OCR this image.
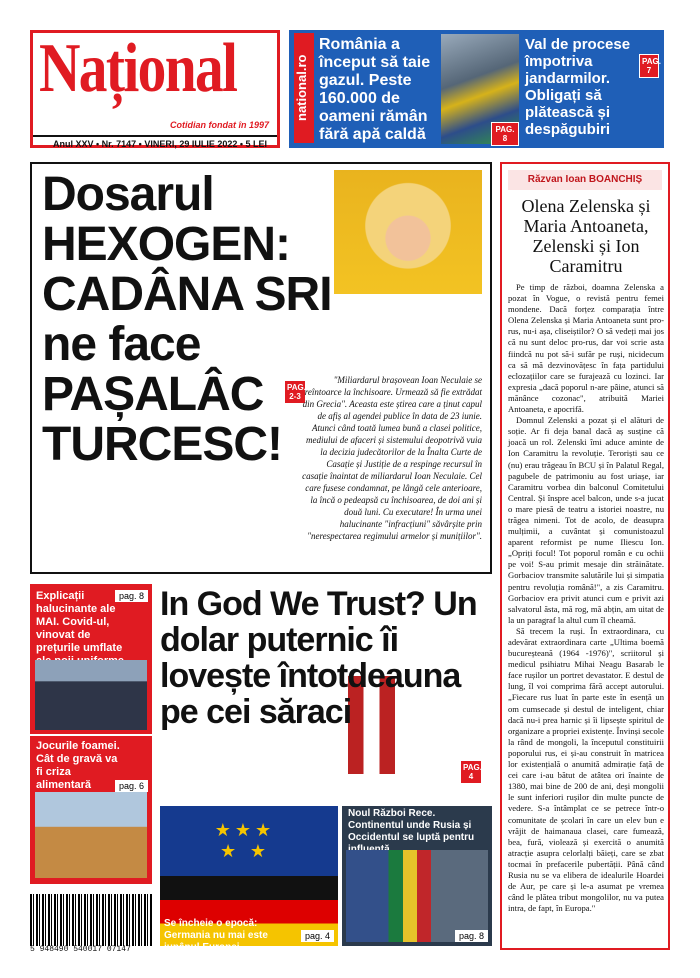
Național
Cotidian fondat în 1997
Anul XXV • Nr. 7147 • VINERI, 29 IULIE 2022 • 5 LEI
national.ro
România a început să taie gazul. Peste 160.000 de oameni rămân fără apă caldă	PAG. 8
Val de procese împotriva jandarmilor. Obligați să plătească și despăgubiri
PAG. 7
Dosarul HEXOGEN: CADÂNA SRI ne face PAȘALÂC TURCESC!
PAG. 2-3
"Miliardarul brașovean Ioan Neculaie se reîntoarce la închisoare. Urmează să fie extrădat din Grecia". Aceasta este știrea care a ținut capul de afiș al agendei publice în data de 23 iunie. Atunci când toată lumea bună a clasei politice, mediului de afaceri și sistemului deopotrivă vuia la decizia judecătorilor de la Înalta Curte de Casație și Justiție de a respinge recursul în casație înaintat de miliardarul Ioan Neculaie. Cel care fusese condamnat, pe lângă cele anterioare, la încă o pedeapsă cu închisoarea, de doi ani și două luni. Cu executare! În urma unei halucinante "infracțiuni" săvârșite prin "nerespectarea regimului armelor și munițiilor".
Explicații halucinante ale MAI. Covid-ul, vinovat de prețurile umflate
pag. 8
Jocurile foamei. Cât de gravă va fi criza alimentară	pag. 6
In God We Trust? Un dolar puternic îi lovește întotdeauna pe cei săraci
PAG. 4
★★★
★ ★
Se încheie o epocă: Germania nu mai este jupânul Europei
pag. 4
Noul Război Rece. Continentul unde Rusia și Occidentul se luptă pentru
pag. 8
5 948490 540017 07147
Răzvan Ioan BOANCHIȘ
Olena Zelenska și Maria Antoaneta, Zelenski și Ion Caramitru

Pe timp de război, doamna Zelenska a pozat în Vogue, o revistă pentru femei mondene. Dacă forțez comparația între Olena Zelenska și Maria Antoaneta sunt pro-rus, nu-i așa, cliseiștilor? O să vedeți mai jos că nu sunt deloc pro-rus, dar voi scrie asta fiindcă nu pot să-i sufăr pe ruși, nicidecum ca să mă dezvinovățesc în fața partidului eclozațiilor care se furajează cu lozinci. Iar expresia „dacă poporul n-are pâine, atunci să mănânce cozonac", atribuită Mariei Antoaneta, e apocrifă.

Domnul Zelenski a pozat și el alături de soție. Ar fi deja banal dacă aș susține că joacă un rol. Zelenski îmi aduce aminte de Ion Caramitru la revoluție. Teroriști sau ce (nu) erau trăgeau în BCU și în Palatul Regal, pagubele de patrimoniu au fost uriașe, iar Caramitru vorbea din balconul Comitetului Central. Și înspre acel balcon, unde s-a jucat o mare piesă de teatru a istoriei noastre, nu trăgea nimeni. Tot de acolo, de deasupra mulțimii, a cuvântat și comunistoazul aparent reformist pe nume Iliescu Ion. „Opriți focul! Tot poporul român e cu ochii pe voi! S-au primit mesaje din străinătate. Gorbaciov transmite salutările lui și simpatia pentru revoluția română!", a zis Caramitru. Gorbaciov era privit atunci cum e privit azi salvatorul ăsta, mă rog, mă abțin, am uitat de la un paragraf la altul cum îl cheamă.

Să trecem la ruși. În extraordinara, cu adevărat extraordinara carte „Ultima boemă bucureșteană (1964 -1976)", scriitorul și medicul psihiatru Mihai Neagu Basarab le face rușilor un portret devastator. E destul de lung, îl voi comprima fără accept autorului. „Fiecare rus luat în parte este în esență un om cumsecade și destul de inteligent, chiar dacă nu-i prea harnic și îi lipsește spiritul de organizare a propriei existențe. Învinși secole la rând de mongoli, la începutul constituirii poporului rus, ei și-au construit în matricea lor existențială o anumită admirație față de cei care i-au bătut de atâtea ori înainte de 1380, mai bine de 200 de ani, deși mongolii le sunt inferiori rușilor din multe puncte de vedere. S-a întâmplat ce se petrece într-o comunitate de școlari în care un elev bun e vrăjit de haimanaua clasei, care fumează, bea, fură, violează și exercită o anumită atracție asupra celorlalți băieți, care se zbat tocmai în prefacerile pubertății. Până când Rusia nu se va elibera de idealurile Hoardei de Aur, pe care și le-a asumat pe vremea când le plătea tribut mongolilor, nu va putea intra, de fapt, în Europa."
